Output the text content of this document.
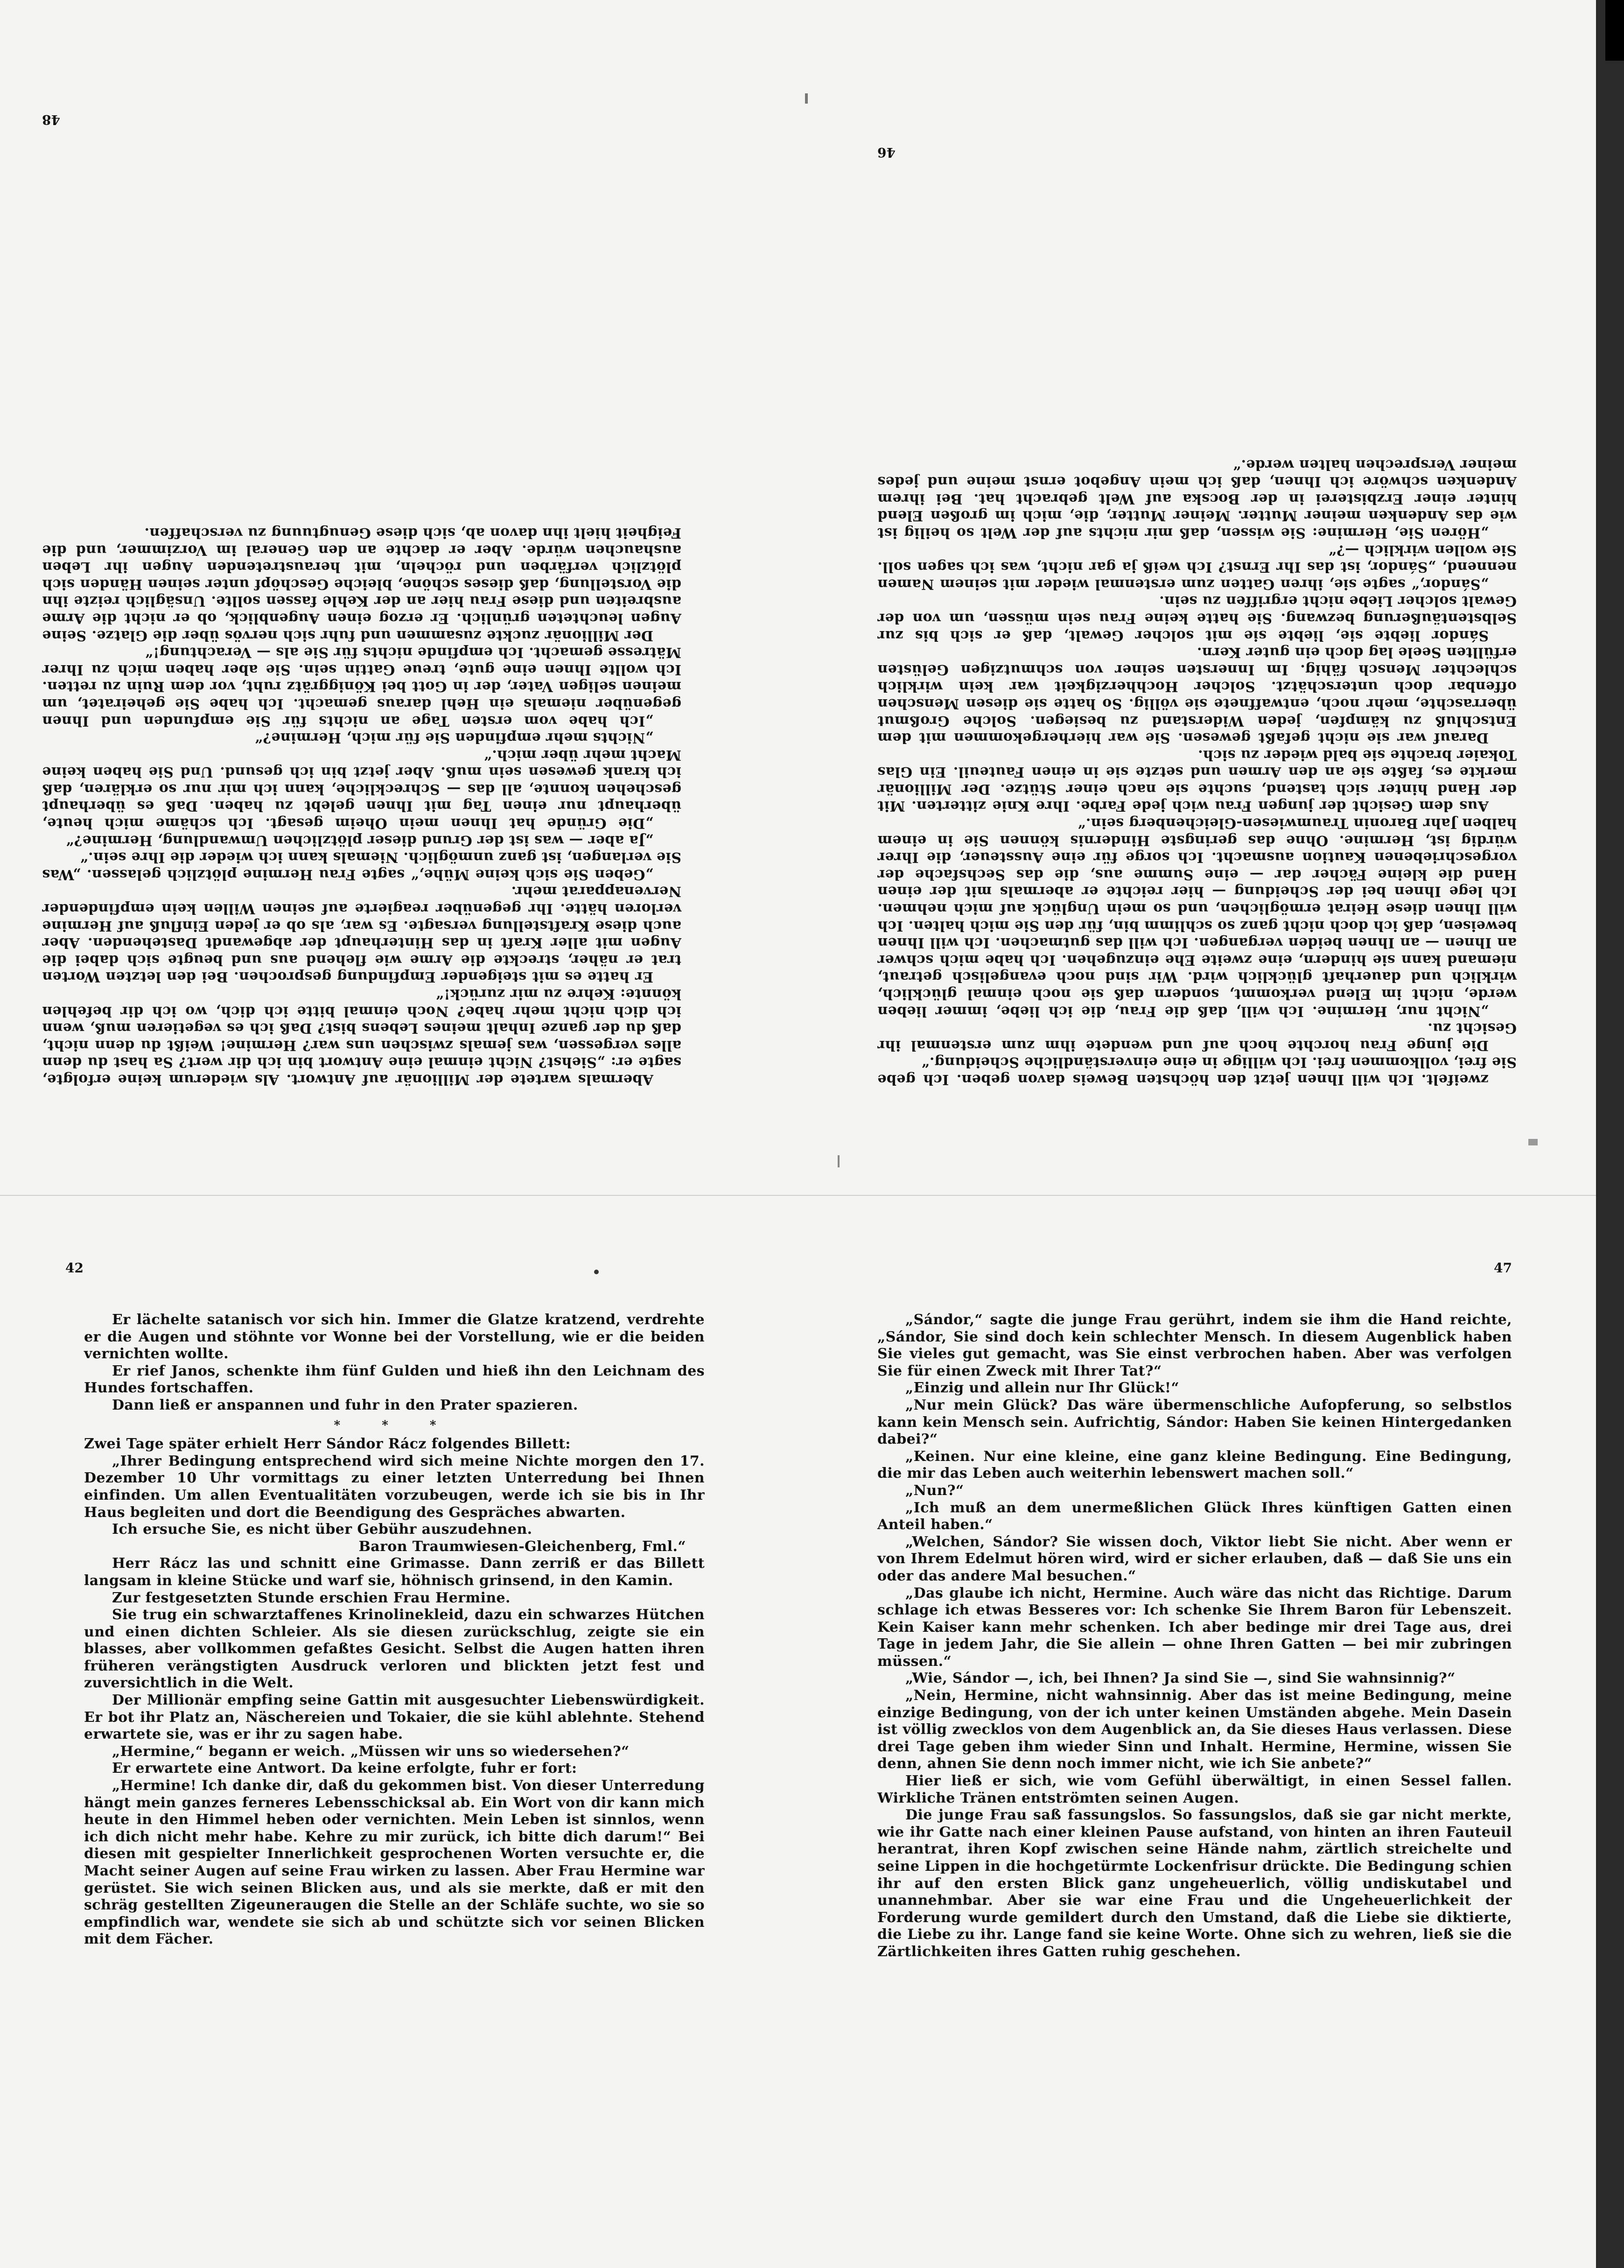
48

Abermals wartete der Millionär auf Antwort. Als wiederum keine erfolgte, sagte er: „Siehst? Nicht einmal eine Antwort bin ich dir wert? Sa hast du denn alles vergessen, was jemals zwischen uns war? Hermine! Weißt du denn nicht, daß du der ganze Inhalt meines Lebens bist? Daß ich es vegetieren muß, wenn ich dich nicht mehr habe? Noch einmal bitte ich dich, wo ich dir befehlen könnte: Kehre zu mir zurück!“

Er hatte es mit steigender Empfindung gesprochen. Bei den letzten Worten trat er näher, streckte die Arme wie flehend aus und beugte sich dabei die Augen mit aller Kraft in das Hinterhaupt der abgewandt Dastehenden. Aber auch diese Kraftstellung versagte. Es war, als ob er jeden Einfluß auf Hermine verloren hätte. Ihr gegenüber reagierte auf seinen Willen kein empfindender Nervenapparat mehr.

„Geben Sie sich keine Mühe,“ sagte Frau Hermine plötzlich gelassen. „Was Sie verlangen, ist ganz unmöglich. Niemals kann ich wieder die Ihre sein.“

„Ja aber — was ist der Grund dieser plötzlichen Umwandlung, Hermine?“

„Die Gründe hat Ihnen mein Oheim gesagt. Ich schäme mich heute, überhaupt nur einen Tag mit Ihnen gelebt zu haben. Daß es überhaupt geschehen konnte, all das — Schreckliche, kann ich mir nur so erklären, daß ich krank gewesen sein muß. Aber jetzt bin ich gesund. Und Sie haben keine Macht mehr über mich.“

„Nichts mehr empfinden Sie für mich, Hermine?“

„Ich habe vom ersten Tage an nichts für Sie empfunden und Ihnen gegenüber niemals ein Hehl daraus gemacht. Ich habe Sie geheiratet, um meinen seligen Vater, der in Gott bei Königgrätz ruht, vor dem Ruin zu retten. Ich wollte Ihnen eine gute, treue Gattin sein. Sie aber haben mich zu Ihrer Mätresse gemacht. Ich empfinde nichts für Sie als — Verachtung!“

Der Millionär zuckte zusammen und fuhr sich nervös über die Glatze. Seine Augen leuchteten grünlich. Er erzog einen Augenblick, ob er nicht die Arme ausbreiten und diese Frau hier an der Kehle fassen sollte. Unsäglich reizte ihn die Vorstellung, daß dieses schöne, bleiche Geschöpf unter seinen Händen sich plötzlich verfärben und röcheln, mit heraustretenden Augen ihr Leben aushauchen würde. Aber er dachte an den General im Vorzimmer, und die Feigheit hielt ihn davon ab, sich diese Genugtuung zu verschaffen.

46

zweifelt. Ich will Ihnen jetzt den höchsten Beweis davon geben. Ich gebe Sie frei, vollkommen frei. Ich willige in eine einverständliche Scheidung.“

Die junge Frau horchte hoch auf und wendete ihm zum erstenmal ihr Gesicht zu.

„Nicht nur, Hermine. Ich will, daß die Frau, die ich liebe, immer lieben werde, nicht im Elend verkommt, sondern daß sie noch einmal glücklich, wirklich und dauerhaft glücklich wird. Wir sind noch evangelisch getraut, niemand kann sie hindern, eine zweite Ehe einzugehen. Ich habe mich schwer an Ihnen — an Ihnen beiden vergangen. Ich will das gutmachen. Ich will Ihnen beweisen, daß ich doch nicht ganz so schlimm bin, für den Sie mich halten. Ich will Ihnen diese Heirat ermöglichen, und so mein Unglück auf mich nehmen. Ich lege Ihnen bei der Scheidung — hier reichte er abermals mit der einen Hand die kleine Fächer dar — eine Summe aus, die das Sechsfache der vorgeschriebenen Kaution ausmacht. Ich sorge für eine Aussteuer, die Ihrer würdig ist, Hermine. Ohne das geringste Hindernis können Sie in einem halben Jahr Baronin Traumwiesen-Gleichenberg sein.“

Aus dem Gesicht der jungen Frau wich jede Farbe. Ihre Knie zitterten. Mit der Hand hinter sich tastend, suchte sie nach einer Stütze. Der Millionär merkte es, faßte sie an den Armen und setzte sie in einen Fauteuil. Ein Glas Tokaier brachte sie bald wieder zu sich.

Darauf war sie nicht gefaßt gewesen. Sie war hierhergekommen mit dem Entschluß zu kämpfen, jeden Widerstand zu besiegen. Solche Großmut überraschte, mehr noch, entwaffnete sie völlig. So hatte sie diesen Menschen offenbar doch unterschätzt. Solcher Hochherzigkeit war kein wirklich schlechter Mensch fähig. Im Innersten seiner von schmutzigen Gelüsten erfüllten Seele lag doch ein guter Kern.

Sándor liebte sie, liebte sie mit solcher Gewalt, daß er sich bis zur Selbstentäußerung bezwang. Sie hatte keine Frau sein müssen, um von der Gewalt solcher Liebe nicht ergriffen zu sein.

„Sándor,“ sagte sie, ihren Gatten zum erstenmal wieder mit seinem Namen nennend, „Sándor, ist das Ihr Ernst? Ich weiß ja gar nicht, was ich sagen soll. Sie wollen wirklich —?“

„Hören Sie, Hermine: Sie wissen, daß mir nichts auf der Welt so heilig ist wie das Andenken meiner Mutter. Meiner Mutter, die, mich im großen Elend hinter einer Erzbisterei in der Bocska auf Welt gebracht hat. Bei ihrem Andenken schwöre ich Ihnen, daß ich mein Angebot ernst meine und jedes meiner Versprechen halten werde.“

42

Er lächelte satanisch vor sich hin. Immer die Glatze kratzend, verdrehte er die Augen und stöhnte vor Wonne bei der Vorstellung, wie er die beiden vernichten wollte.

Er rief Janos, schenkte ihm fünf Gulden und hieß ihn den Leichnam des Hundes fortschaffen.

Dann ließ er anspannen und fuhr in den Prater spazieren.

* * *

Zwei Tage später erhielt Herr Sándor Rácz folgendes Billett:

„Ihrer Bedingung entsprechend wird sich meine Nichte morgen den 17. Dezember 10 Uhr vormittags zu einer letzten Unterredung bei Ihnen einfinden. Um allen Eventualitäten vorzubeugen, werde ich sie bis in Ihr Haus begleiten und dort die Beendigung des Gespräches abwarten.

Ich ersuche Sie, es nicht über Gebühr auszudehnen.

Baron Traumwiesen-Gleichenberg, Fml.“

Herr Rácz las und schnitt eine Grimasse. Dann zerriß er das Billett langsam in kleine Stücke und warf sie, höhnisch grinsend, in den Kamin.

Zur festgesetzten Stunde erschien Frau Hermine.

Sie trug ein schwarztaffenes Krinolinekleid, dazu ein schwarzes Hütchen und einen dichten Schleier. Als sie diesen zurückschlug, zeigte sie ein blasses, aber vollkommen gefaßtes Gesicht. Selbst die Augen hatten ihren früheren verängstigten Ausdruck verloren und blickten jetzt fest und zuversichtlich in die Welt.

Der Millionär empfing seine Gattin mit ausgesuchter Liebenswürdigkeit. Er bot ihr Platz an, Näschereien und Tokaier, die sie kühl ablehnte. Stehend erwartete sie, was er ihr zu sagen habe.

„Hermine,“ begann er weich. „Müssen wir uns so wiedersehen?“

Er erwartete eine Antwort. Da keine erfolgte, fuhr er fort:

„Hermine! Ich danke dir, daß du gekommen bist. Von dieser Unterredung hängt mein ganzes ferneres Lebensschicksal ab. Ein Wort von dir kann mich heute in den Himmel heben oder vernichten. Mein Leben ist sinnlos, wenn ich dich nicht mehr habe. Kehre zu mir zurück, ich bitte dich darum!“ Bei diesen mit gespielter Innerlichkeit gesprochenen Worten versuchte er, die Macht seiner Augen auf seine Frau wirken zu lassen. Aber Frau Hermine war gerüstet. Sie wich seinen Blicken aus, und als sie merkte, daß er mit den schräg gestellten Zigeuneraugen die Stelle an der Schläfe suchte, wo sie so empfindlich war, wendete sie sich ab und schützte sich vor seinen Blicken mit dem Fächer.

47

„Sándor,“ sagte die junge Frau gerührt, indem sie ihm die Hand reichte, „Sándor, Sie sind doch kein schlechter Mensch. In diesem Augenblick haben Sie vieles gut gemacht, was Sie einst verbrochen haben. Aber was verfolgen Sie für einen Zweck mit Ihrer Tat?“

„Einzig und allein nur Ihr Glück!“

„Nur mein Glück? Das wäre übermenschliche Aufopferung, so selbstlos kann kein Mensch sein. Aufrichtig, Sándor: Haben Sie keinen Hintergedanken dabei?“

„Keinen. Nur eine kleine, eine ganz kleine Bedingung. Eine Bedingung, die mir das Leben auch weiterhin lebenswert machen soll.“

„Nun?“

„Ich muß an dem unermeßlichen Glück Ihres künftigen Gatten einen Anteil haben.“

„Welchen, Sándor? Sie wissen doch, Viktor liebt Sie nicht. Aber wenn er von Ihrem Edelmut hören wird, wird er sicher erlauben, daß — daß Sie uns ein oder das andere Mal besuchen.“

„Das glaube ich nicht, Hermine. Auch wäre das nicht das Richtige. Darum schlage ich etwas Besseres vor: Ich schenke Sie Ihrem Baron für Lebenszeit. Kein Kaiser kann mehr schenken. Ich aber bedinge mir drei Tage aus, drei Tage in jedem Jahr, die Sie allein — ohne Ihren Gatten — bei mir zubringen müssen.“

„Wie, Sándor —, ich, bei Ihnen? Ja sind Sie —, sind Sie wahnsinnig?“

„Nein, Hermine, nicht wahnsinnig. Aber das ist meine Bedingung, meine einzige Bedingung, von der ich unter keinen Umständen abgehe. Mein Dasein ist völlig zwecklos von dem Augenblick an, da Sie dieses Haus verlassen. Diese drei Tage geben ihm wieder Sinn und Inhalt. Hermine, Hermine, wissen Sie denn, ahnen Sie denn noch immer nicht, wie ich Sie anbete?“

Hier ließ er sich, wie vom Gefühl überwältigt, in einen Sessel fallen. Wirkliche Tränen entströmten seinen Augen.

Die junge Frau saß fassungslos. So fassungslos, daß sie gar nicht merkte, wie ihr Gatte nach einer kleinen Pause aufstand, von hinten an ihren Fauteuil herantrat, ihren Kopf zwischen seine Hände nahm, zärtlich streichelte und seine Lippen in die hochgetürmte Lockenfrisur drückte. Die Bedingung schien ihr auf den ersten Blick ganz ungeheuerlich, völlig undiskutabel und unannehmbar. Aber sie war eine Frau und die Ungeheuerlichkeit der Forderung wurde gemildert durch den Umstand, daß die Liebe sie diktierte, die Liebe zu ihr. Lange fand sie keine Worte. Ohne sich zu wehren, ließ sie die Zärtlichkeiten ihres Gatten ruhig geschehen.
